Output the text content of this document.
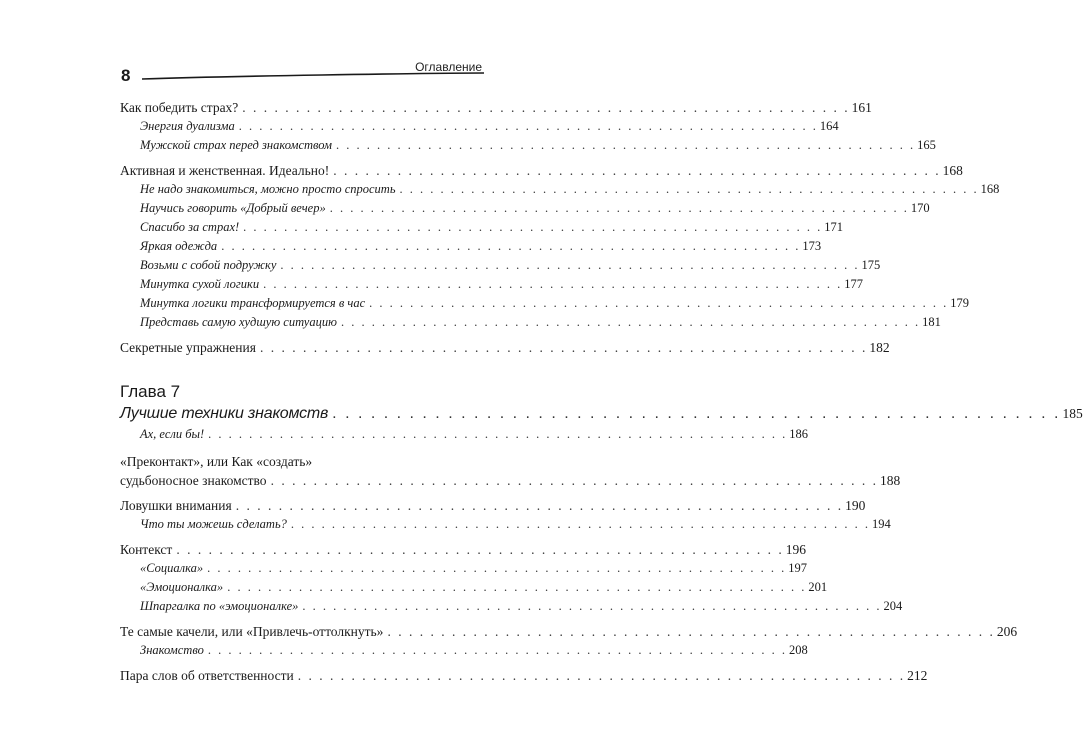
8	Оглавление
Как победить страх? . . . . . . . . . . . . . . . . . . . . . . . . . . . . . . . . . . . . . . . . . . . . . . . . . . . . . . . . . 161
Энергия дуализма . . . . . . . . . . . . . . . . . . . . . . . . . . . . . . . . . . . . . . . . . . . . . . . . . . . . . . . . . 164
Мужской страх перед знакомством . . . . . . . . . . . . . . . . . . . . . . . . . . . . . . . . . . . . . . . . . . . . . . . . . . . . . . . . . 165
Активная и женственная. Идеально! . . . . . . . . . . . . . . . . . . . . . . . . . . . . . . . . . . . . . . . . . . . . . . . . . . . . . . . . . 168
Не надо знакомиться, можно просто спросить . . . . . . . . . . . . . . . . . . . . . . . . . . . . . . . . . . . . . . . . . . . . . . . . . . . . . . . . . 168
Научись говорить «Добрый вечер» . . . . . . . . . . . . . . . . . . . . . . . . . . . . . . . . . . . . . . . . . . . . . . . . . . . . . . . . . 170
Спасибо за страх! . . . . . . . . . . . . . . . . . . . . . . . . . . . . . . . . . . . . . . . . . . . . . . . . . . . . . . . . . 171
Яркая одежда . . . . . . . . . . . . . . . . . . . . . . . . . . . . . . . . . . . . . . . . . . . . . . . . . . . . . . . . . 173
Возьми с собой подружку . . . . . . . . . . . . . . . . . . . . . . . . . . . . . . . . . . . . . . . . . . . . . . . . . . . . . . . . . 175
Минутка сухой логики . . . . . . . . . . . . . . . . . . . . . . . . . . . . . . . . . . . . . . . . . . . . . . . . . . . . . . . . . 177
Минутка логики трансформируется в час . . . . . . . . . . . . . . . . . . . . . . . . . . . . . . . . . . . . . . . . . . . . . . . . . . . . . . . . . 179
Представь самую худшую ситуацию . . . . . . . . . . . . . . . . . . . . . . . . . . . . . . . . . . . . . . . . . . . . . . . . . . . . . . . . . 181
Секретные упражнения . . . . . . . . . . . . . . . . . . . . . . . . . . . . . . . . . . . . . . . . . . . . . . . . . . . . . . . . . 182
Глава 7
Лучшие техники знакомств . . . . . . . . . . . . . . . . . . . . . . . . . . . . . . . . . . . . . . . . . . . . . . . . . . . . . . . . . 185
Ах, если бы! . . . . . . . . . . . . . . . . . . . . . . . . . . . . . . . . . . . . . . . . . . . . . . . . . . . . . . . . . 186
«Преконтакт», или Как «создать»
судьбоносное знакомство . . . . . . . . . . . . . . . . . . . . . . . . . . . . . . . . . . . . . . . . . . . . . . . . . . . . . . . . . 188
Ловушки внимания . . . . . . . . . . . . . . . . . . . . . . . . . . . . . . . . . . . . . . . . . . . . . . . . . . . . . . . . . 190
Что ты можешь сделать? . . . . . . . . . . . . . . . . . . . . . . . . . . . . . . . . . . . . . . . . . . . . . . . . . . . . . . . . . 194
Контекст . . . . . . . . . . . . . . . . . . . . . . . . . . . . . . . . . . . . . . . . . . . . . . . . . . . . . . . . . 196
«Социалка» . . . . . . . . . . . . . . . . . . . . . . . . . . . . . . . . . . . . . . . . . . . . . . . . . . . . . . . . . 197
«Эмоционалка» . . . . . . . . . . . . . . . . . . . . . . . . . . . . . . . . . . . . . . . . . . . . . . . . . . . . . . . . . 201
Шпаргалка по «эмоционалке» . . . . . . . . . . . . . . . . . . . . . . . . . . . . . . . . . . . . . . . . . . . . . . . . . . . . . . . . . 204
Те самые качели, или «Привлечь-оттолкнуть» . . . . . . . . . . . . . . . . . . . . . . . . . . . . . . . . . . . . . . . . . . . . . . . . . . . . . . . . . 206
Знакомство . . . . . . . . . . . . . . . . . . . . . . . . . . . . . . . . . . . . . . . . . . . . . . . . . . . . . . . . . 208
Пара слов об ответственности . . . . . . . . . . . . . . . . . . . . . . . . . . . . . . . . . . . . . . . . . . . . . . . . . . . . . . . . . 212
